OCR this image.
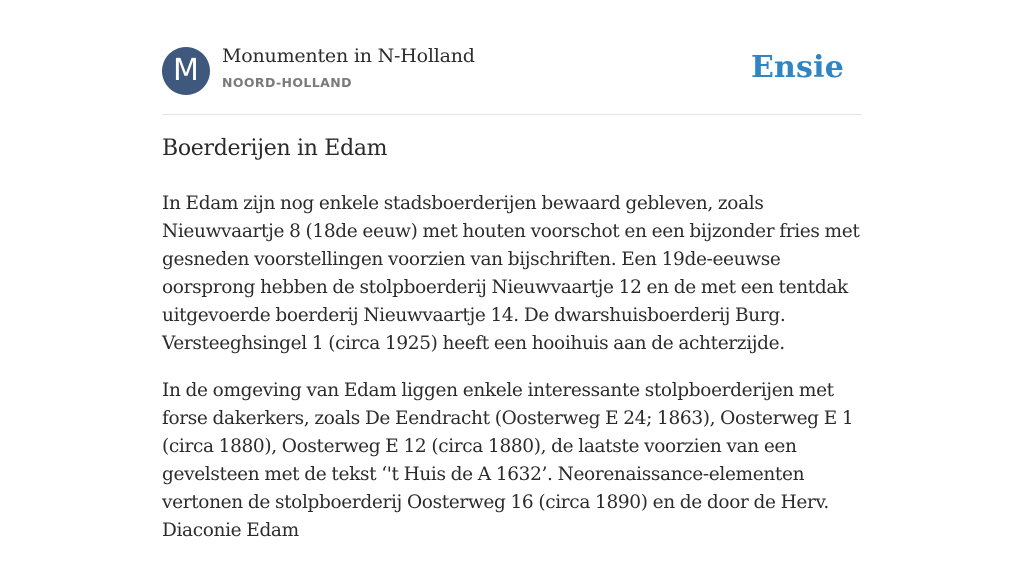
M	Monumenten in N-Holland
NOORD-HOLLAND	Ensie
Boerderijen in Edam

In Edam zijn nog enkele stadsboerderijen bewaard gebleven, zoals Nieuwvaartje 8 (18de eeuw) met houten voorschot en een bijzonder fries met gesneden voorstellingen voorzien van bijschriften. Een 19de-eeuwse oorsprong hebben de stolpboerderij Nieuwvaartje 12 en de met een tentdak uitgevoerde boerderij Nieuwvaartje 14. De dwarshuisboerderij Burg. Versteeghsingel 1 (circa 1925) heeft een hooihuis aan de achterzijde.

In de omgeving van Edam liggen enkele interessante stolpboerderijen met forse dakerkers, zoals De Eendracht (Oosterweg E 24; 1863), Oosterweg E 1 (circa 1880), Oosterweg E 12 (circa 1880), de laatste voorzien van een gevelsteen met de tekst ‘'t Huis de A 1632’. Neorenaissance-elementen vertonen de stolpboerderij Oosterweg 16 (circa 1890) en de door de Herv. Diaconie Edam
